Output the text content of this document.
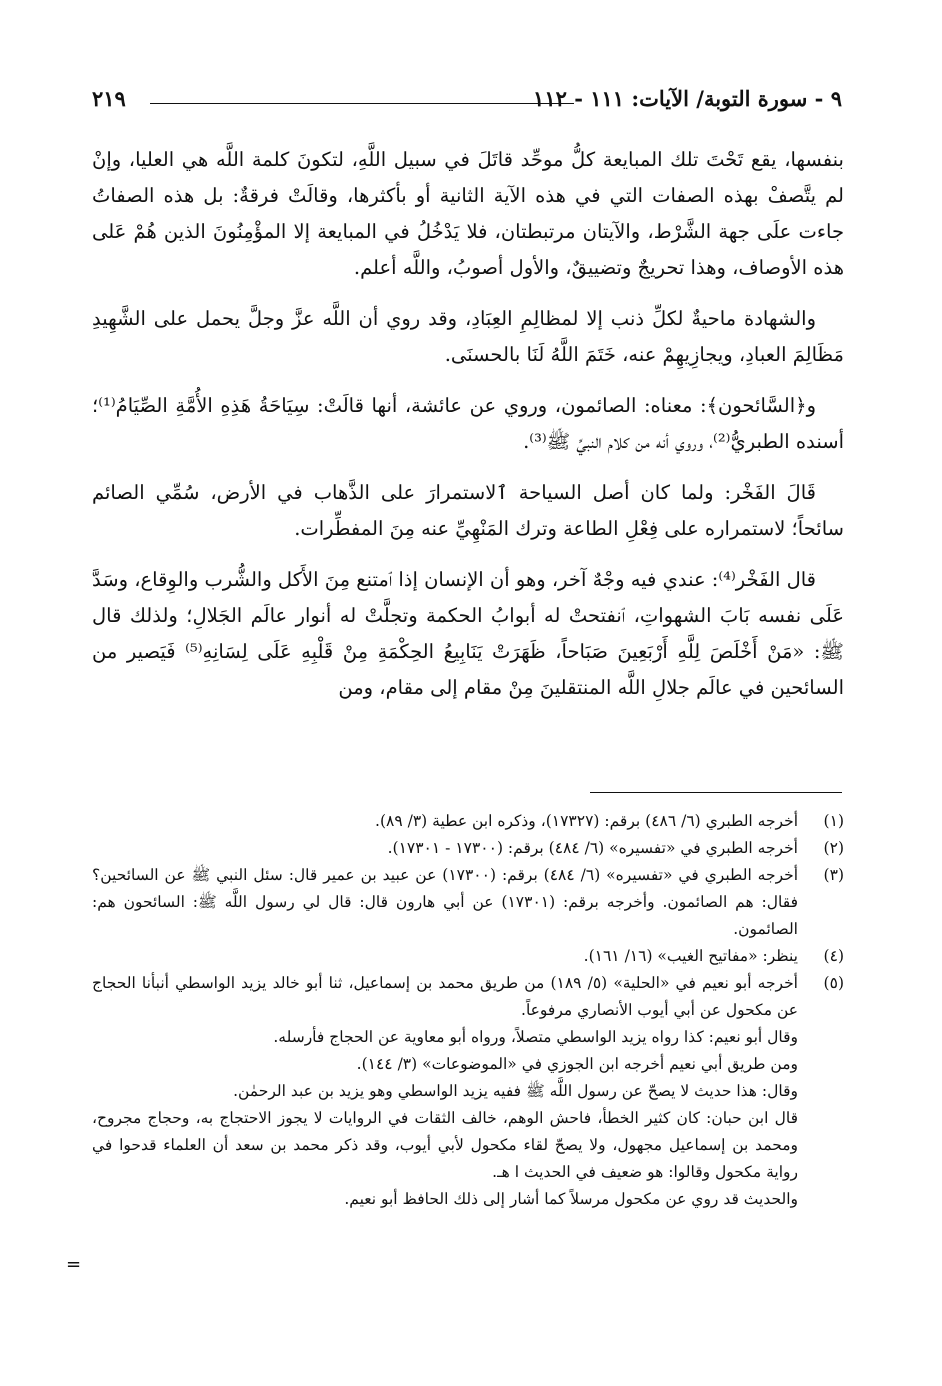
٩ - سورة التوبة/ الآيات: ١١١ - ١١٢
٢١٩

بنفسها، يقع تَحْتَ تلك المبايعة كلُّ موحِّد قاتَلَ في سبيل اللَّهِ، لتكونَ كلمة اللَّه هي العليا، وإنْ لم يتَّصفْ بهذه الصفات التي في هذه الآية الثانية أو بأكثرها، وقالَتْ فرقةٌ: بل هذه الصفاتُ جاءت علَى جهة الشَّرْط، والآيتان مرتبطتان، فلا يَدْخُلُ في المبايعة إلا المؤْمِنُونَ الذين هُمْ عَلى هذه الأوصاف، وهذا تحريجٌ وتضييقٌ، والأول أصوبُ، واللَّه أعلم.

والشهادة ماحيةٌ لكلِّ ذنب إلا لمظالِمِ العِبَادِ، وقد روي أن اللَّه عزَّ وجلَّ يحمل على الشَّهِيدِ مَظَالِمَ العبادِ، ويجازِيهِمْ عنه، خَتَمَ اللَّهُ لَنَا بالحسنَى.

و﴿السَّائحون﴾: معناه: الصائمون، وروي عن عائشة، أنها قالَتْ: سِيَاحَةُ هَذِهِ الأُمَّةِ الصِّيَامُ⁽¹⁾؛ أسنده الطبريُّ⁽²⁾، وروي أنه من كلام النبيِّ ﷺ⁽³⁾.

قَالَ الفَخْر: ولما كان أصل السياحة ٱلاستمرارَ على الذَّهاب في الأرض، سُمِّي الصائم سائحاً؛ لاستمراره على فِعْلِ الطاعة وترك المَنْهِيِّ عنه مِنَ المفطِّرات.

قال الفَخْر⁽⁴⁾: عندي فيه وجْهٌ آخر، وهو أن الإنسان إذا ٱمتنع مِنَ الأَكل والشُّرب والوِقاع، وسَدَّ عَلَى نفسه بَابَ الشهواتِ، ٱنفتحتْ له أبوابُ الحكمة وتجلَّتْ له أنوار عالَم الجَلالِ؛ ولذلك قال ﷺ: «مَنْ أَخْلَصَ لِلَّهِ أَرْبَعِينَ صَبَاحاً، ظَهَرَتْ يَنَابِيعُ الحِكْمَةِ مِنْ قَلْبِهِ عَلَى لِسَانِهِ⁽⁵⁾ فَيَصير من السائحين في عالَم جلالِ اللَّه المنتقلينَ مِنْ مقام إلى مقام، ومن

(١)
أخرجه الطبري (٦/ ٤٨٦) برقم: (١٧٣٢٧)، وذكره ابن عطية (٣/ ٨٩).
(٢)
أخرجه الطبري في «تفسيره» (٦/ ٤٨٤) برقم: (١٧٣٠٠ - ١٧٣٠١).
(٣)
أخرجه الطبري في «تفسيره» (٦/ ٤٨٤) برقم: (١٧٣٠٠) عن عبيد بن عمير قال: سئل النبي ﷺ عن السائحين؟ فقال: هم الصائمون. وأخرجه برقم: (١٧٣٠١) عن أبي هارون قال: قال لي رسول اللَّه ﷺ: السائحون هم: الصائمون.
(٤)
ينظر: «مفاتيح الغيب» (١٦/ ١٦١).
(٥)
أخرجه أبو نعيم في «الحلية» (٥/ ١٨٩) من طريق محمد بن إسماعيل، ثنا أبو خالد يزيد الواسطي أنبأنا الحجاج عن مكحول عن أبي أيوب الأنصاري مرفوعاً.
وقال أبو نعيم: كذا رواه يزيد الواسطي متصلاً، ورواه أبو معاوية عن الحجاج فأرسله.
ومن طريق أبي نعيم أخرجه ابن الجوزي في «الموضوعات» (٣/ ١٤٤).
وقال: هذا حديث لا يصحّ عن رسول اللَّه ﷺ ففيه يزيد الواسطي وهو يزيد بن عبد الرحمٰن.
قال ابن حبان: كان كثير الخطأ، فاحش الوهم، خالف الثقات في الروايات لا يجوز الاحتجاج به، وحجاج مجروح، ومحمد بن إسماعيل مجهول، ولا يصحّ لقاء مكحول لأبي أيوب، وقد ذكر محمد بن سعد أن العلماء قدحوا في رواية مكحول وقالوا: هو ضعيف في الحديث ا هـ.
والحديث قد روي عن مكحول مرسلاً كما أشار إلى ذلك الحافظ أبو نعيم.
=
